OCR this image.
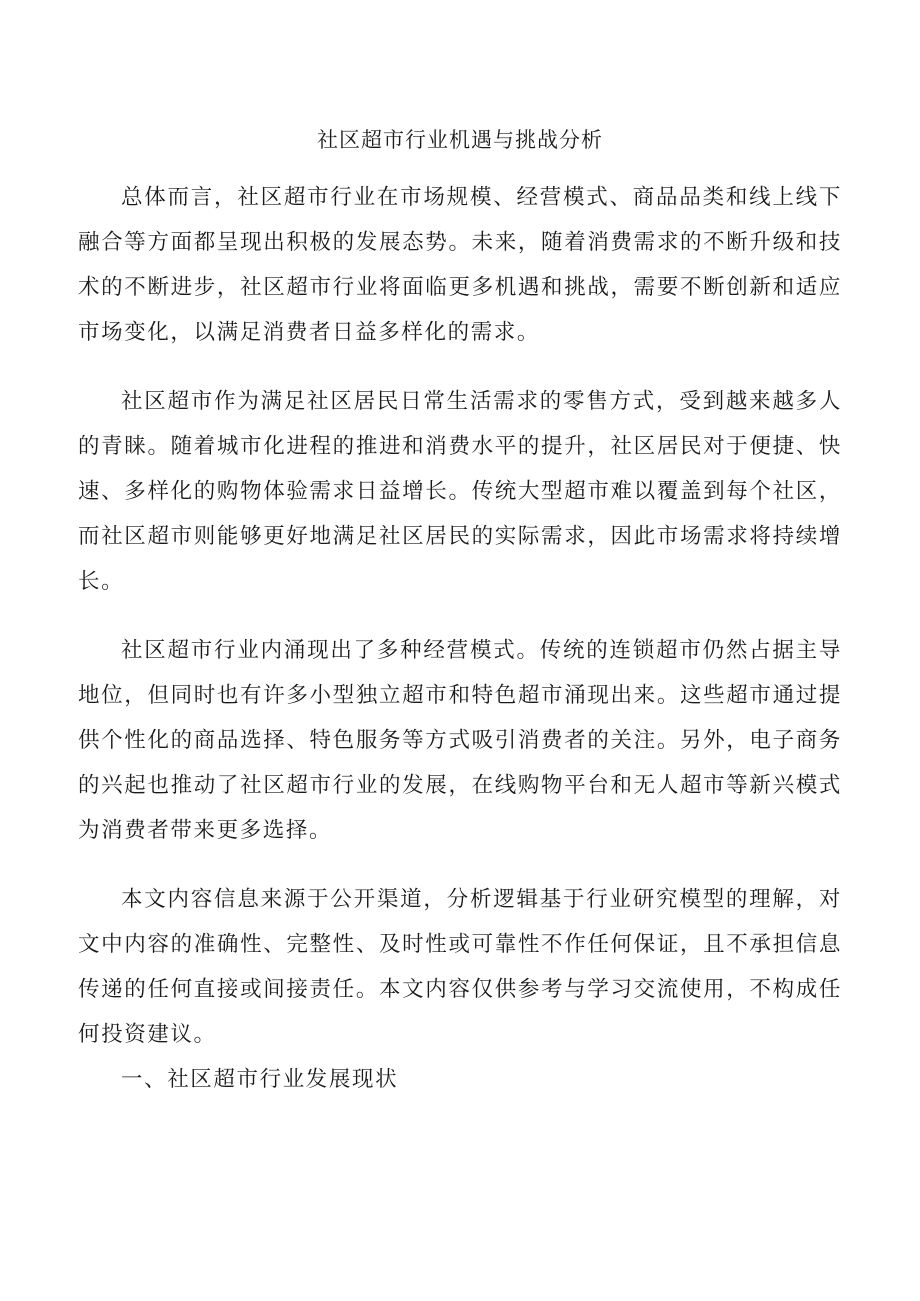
社区超市行业机遇与挑战分析

总体而言，社区超市行业在市场规模、经营模式、商品品类和线上线下融合等方面都呈现出积极的发展态势。未来，随着消费需求的不断升级和技术的不断进步，社区超市行业将面临更多机遇和挑战，需要不断创新和适应市场变化，以满足消费者日益多样化的需求。

社区超市作为满足社区居民日常生活需求的零售方式，受到越来越多人的青睐。随着城市化进程的推进和消费水平的提升，社区居民对于便捷、快速、多样化的购物体验需求日益增长。传统大型超市难以覆盖到每个社区，而社区超市则能够更好地满足社区居民的实际需求，因此市场需求将持续增长。

社区超市行业内涌现出了多种经营模式。传统的连锁超市仍然占据主导地位，但同时也有许多小型独立超市和特色超市涌现出来。这些超市通过提供个性化的商品选择、特色服务等方式吸引消费者的关注。另外，电子商务的兴起也推动了社区超市行业的发展，在线购物平台和无人超市等新兴模式为消费者带来更多选择。

本文内容信息来源于公开渠道，分析逻辑基于行业研究模型的理解，对文中内容的准确性、完整性、及时性或可靠性不作任何保证，且不承担信息传递的任何直接或间接责任。本文内容仅供参考与学习交流使用，不构成任何投资建议。

一、社区超市行业发展现状
